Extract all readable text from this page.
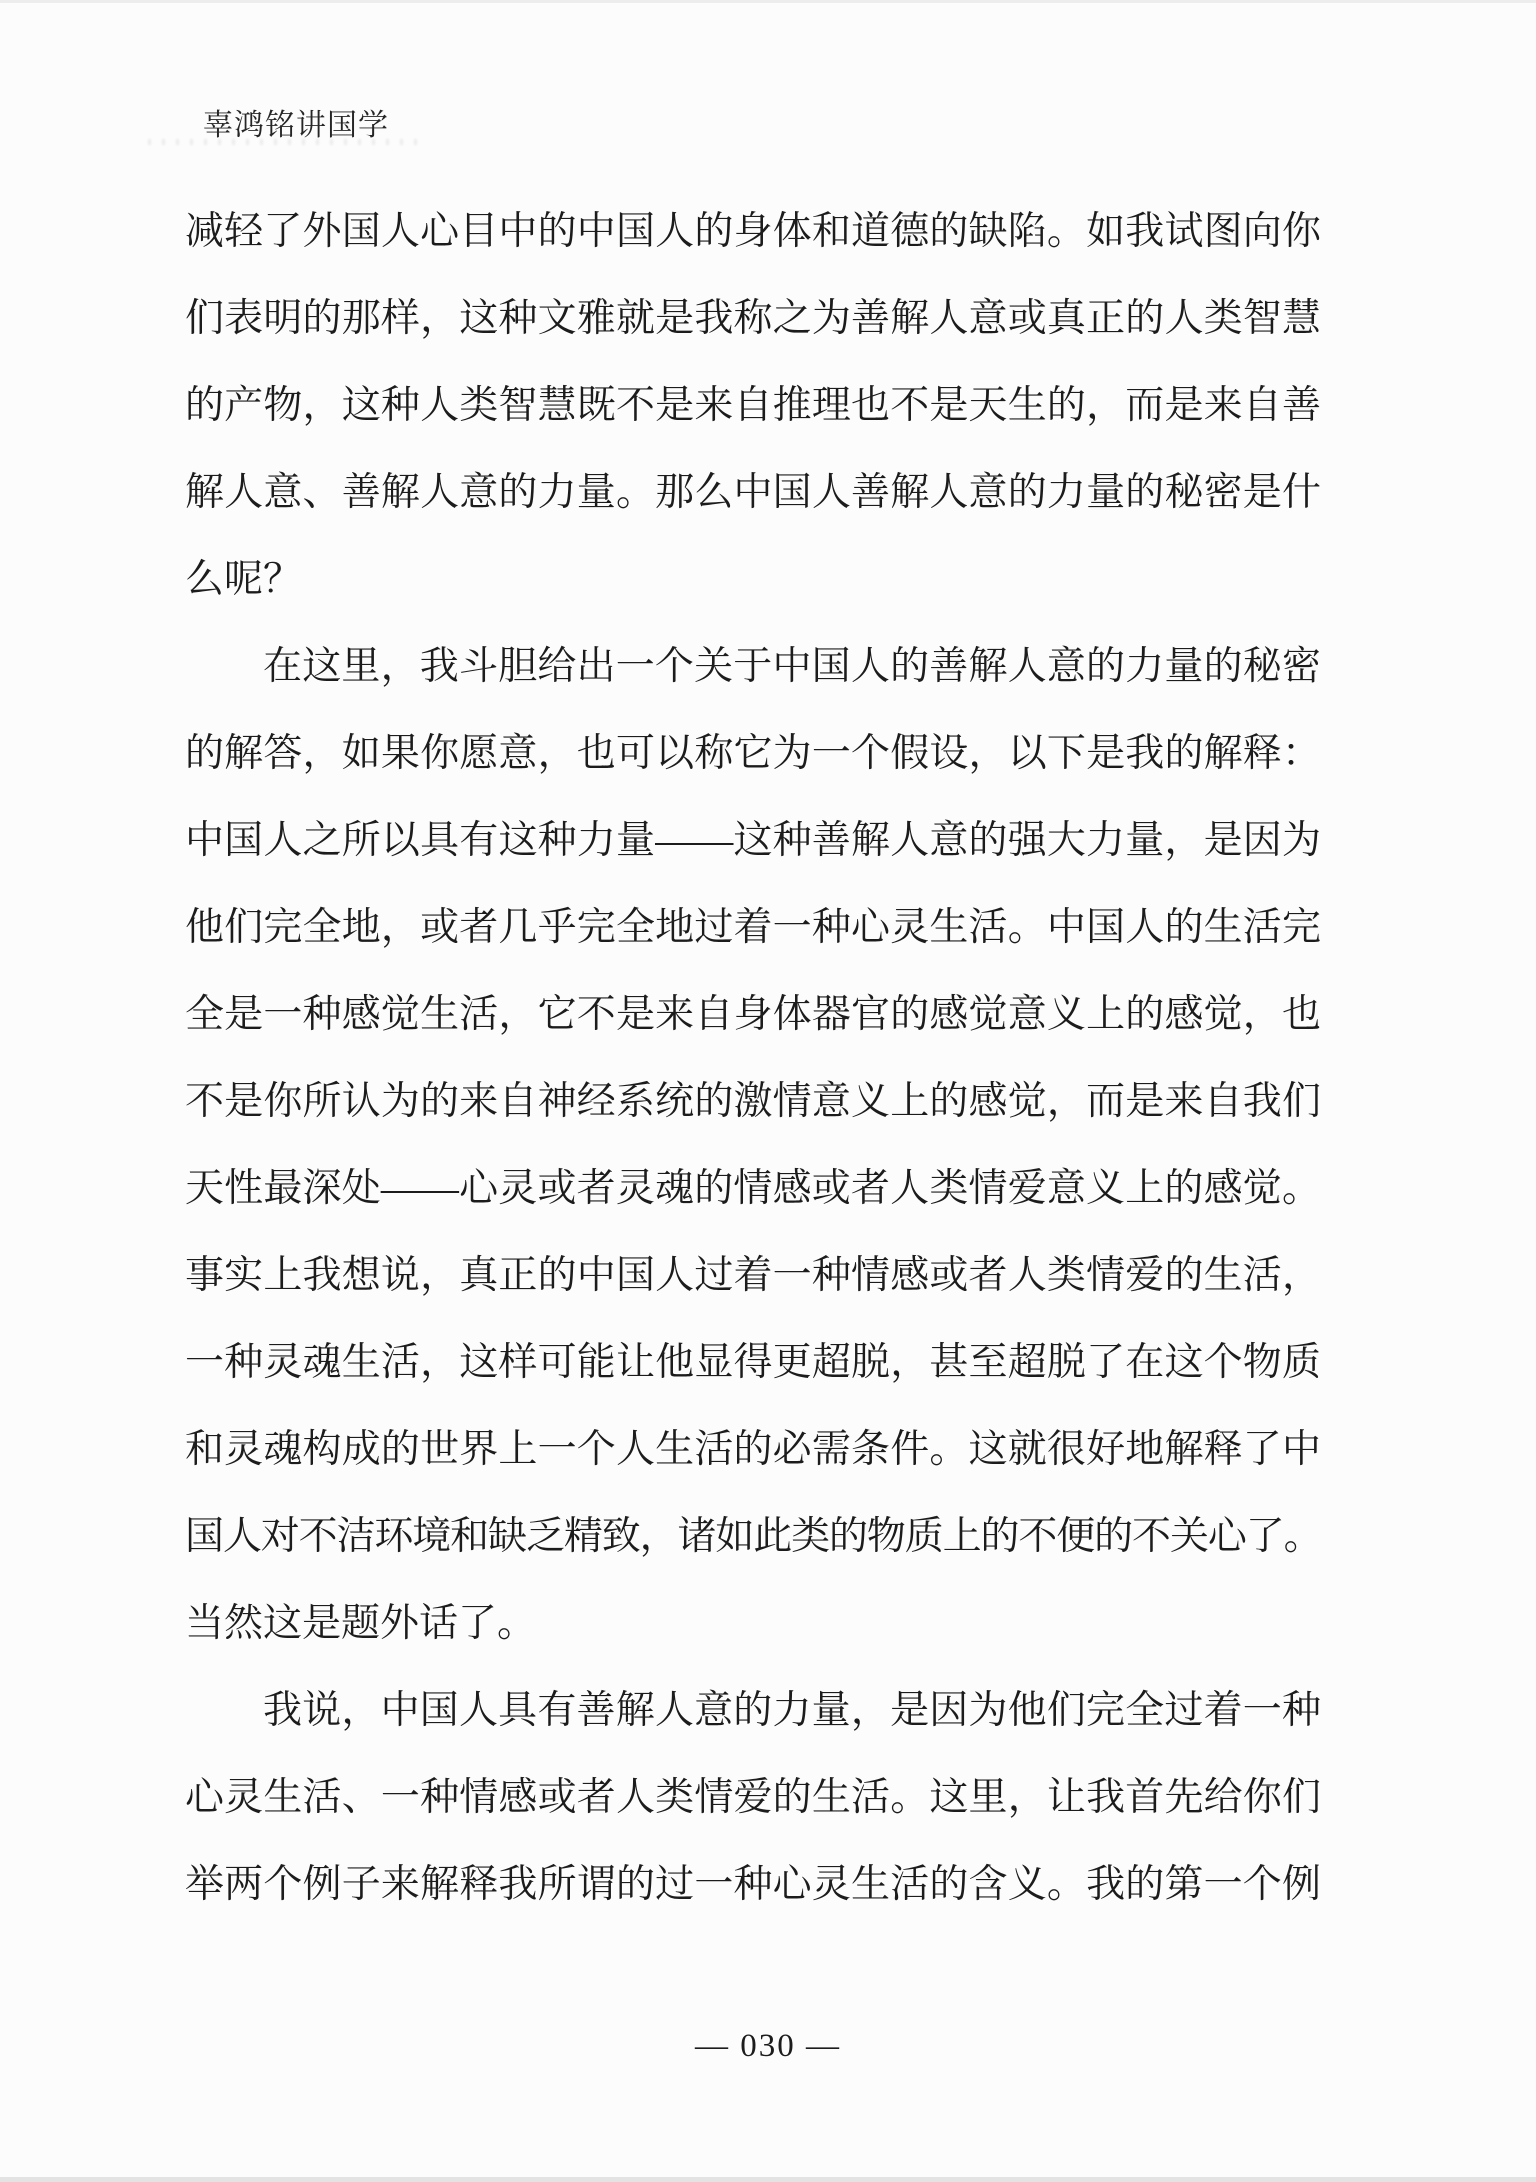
辜鸿铭讲国学
减轻了外国人心目中的中国人的身体和道德的缺陷。如我试图向你
们表明的那样，这种文雅就是我称之为善解人意或真正的人类智慧
的产物，这种人类智慧既不是来自推理也不是天生的，而是来自善
解人意、善解人意的力量。那么中国人善解人意的力量的秘密是什
么呢？
在这里，我斗胆给出一个关于中国人的善解人意的力量的秘密
的解答，如果你愿意，也可以称它为一个假设，以下是我的解释：
中国人之所以具有这种力量——这种善解人意的强大力量，是因为
他们完全地，或者几乎完全地过着一种心灵生活。中国人的生活完
全是一种感觉生活，它不是来自身体器官的感觉意义上的感觉，也
不是你所认为的来自神经系统的激情意义上的感觉，而是来自我们
天性最深处——心灵或者灵魂的情感或者人类情爱意义上的感觉。
事实上我想说，真正的中国人过着一种情感或者人类情爱的生活，
一种灵魂生活，这样可能让他显得更超脱，甚至超脱了在这个物质
和灵魂构成的世界上一个人生活的必需条件。这就很好地解释了中
国人对不洁环境和缺乏精致，诸如此类的物质上的不便的不关心了。
当然这是题外话了。
我说，中国人具有善解人意的力量，是因为他们完全过着一种
心灵生活、一种情感或者人类情爱的生活。这里，让我首先给你们
举两个例子来解释我所谓的过一种心灵生活的含义。我的第一个例
— 030 —
